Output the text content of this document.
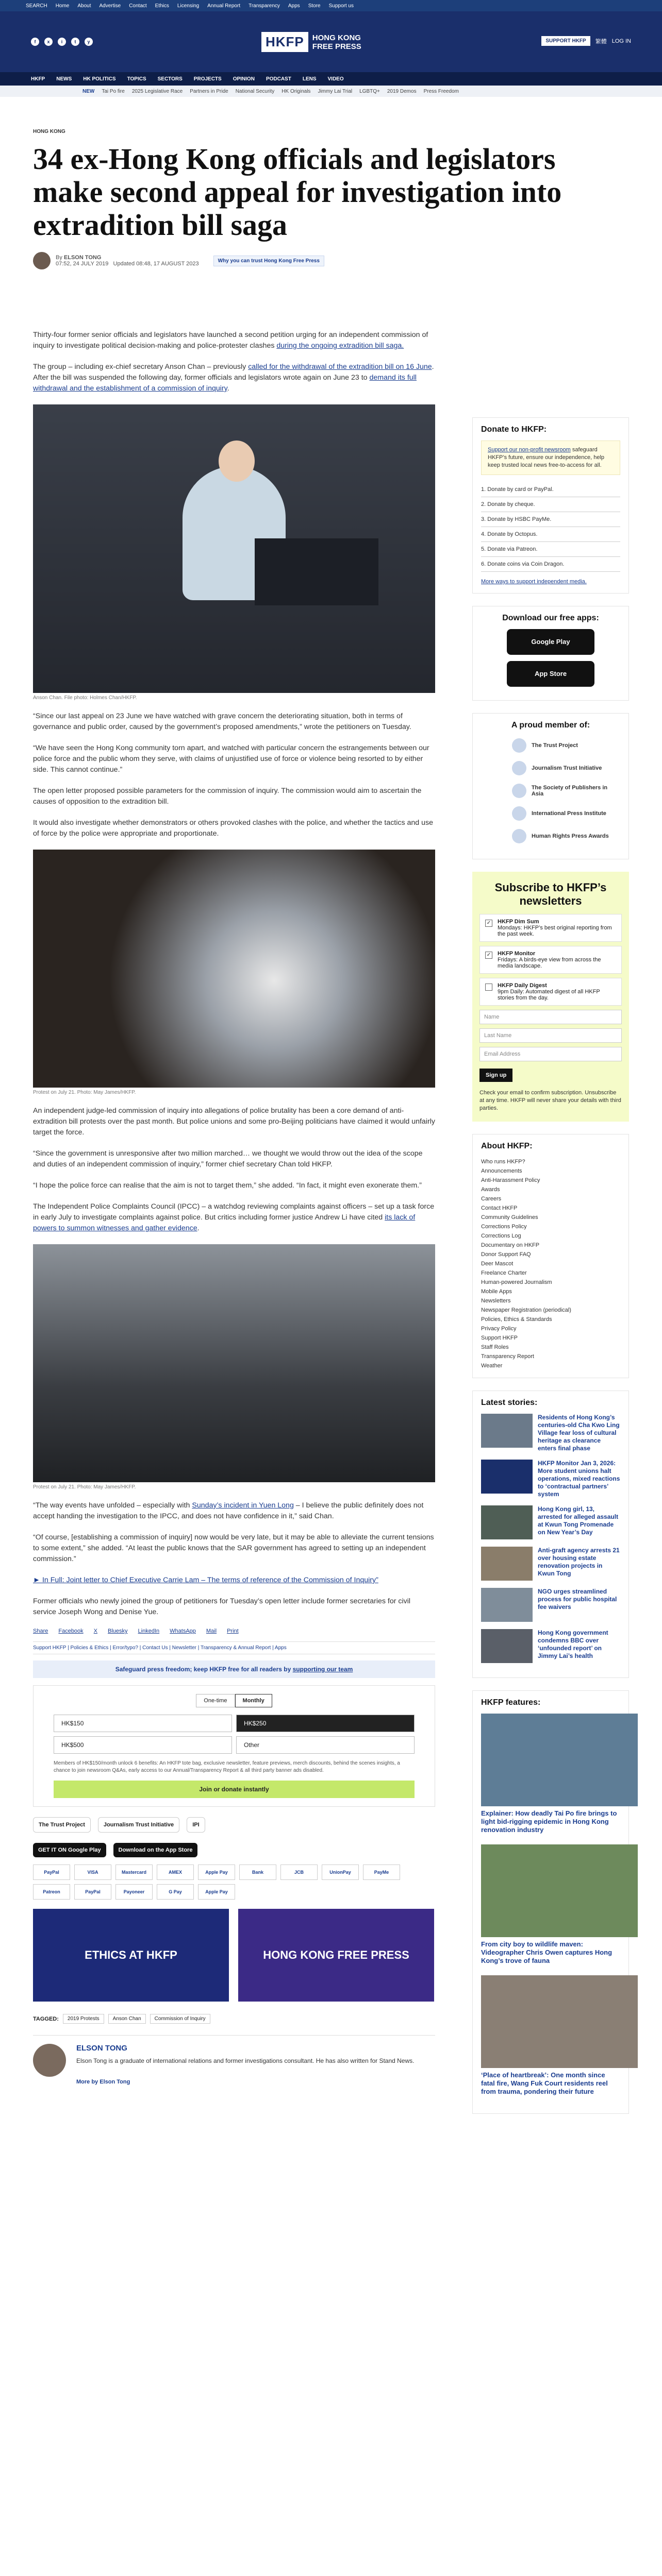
SEARCH Home About Advertise Contact Ethics Licensing Annual Report Transparency Apps Store Support us
f	x	i	t	y	HKFP	HONG KONG
FREE PRESS
SUPPORT HKFP	繁體 LOG IN
HKFP NEWS HK POLITICS TOPICS SECTORS PROJECTS OPINION PODCAST LENS VIDEO
NEW Tai Po fire 2025 Legislative Race Partners in Pride National Security HK Originals Jimmy Lai Trial LGBTQ+ 2019 Demos Press Freedom
HONG KONG
34 ex-Hong Kong officials and legislators make second appeal for investigation into extradition bill saga
By ELSON TONG
07:52, 24 JULY 2019 Updated 08:48, 17 AUGUST 2023	Why you can trust Hong Kong Free Press

Thirty-four former senior officials and legislators have launched a second petition urging for an independent commission of inquiry to investigate political decision-making and police-protester clashes during the ongoing extradition bill saga.

The group – including ex-chief secretary Anson Chan – previously called for the withdrawal of the extradition bill on 16 June. After the bill was suspended the following day, former officials and legislators wrote again on June 23 to demand its full withdrawal and the establishment of a commission of inquiry.

Anson Chan. File photo: Holmes Chan/HKFP.

“Since our last appeal on 23 June we have watched with grave concern the deteriorating situation, both in terms of governance and public order, caused by the government’s proposed amendments,” wrote the petitioners on Tuesday.

“We have seen the Hong Kong community torn apart, and watched with particular concern the estrangements between our police force and the public whom they serve, with claims of unjustified use of force or violence being resorted to by either side. This cannot continue.”

The open letter proposed possible parameters for the commission of inquiry. The commission would aim to ascertain the causes of opposition to the extradition bill.

It would also investigate whether demonstrators or others provoked clashes with the police, and whether the tactics and use of force by the police were appropriate and proportionate.

Protest on July 21. Photo: May James/HKFP.

An independent judge-led commission of inquiry into allegations of police brutality has been a core demand of anti-extradition bill protests over the past month. But police unions and some pro-Beijing politicians have claimed it would unfairly target the force.

“Since the government is unresponsive after two million marched… we thought we would throw out the idea of the scope and duties of an independent commission of inquiry,” former chief secretary Chan told HKFP.

“I hope the police force can realise that the aim is not to target them,” she added. “In fact, it might even exonerate them.”

The Independent Police Complaints Council (IPCC) – a watchdog reviewing complaints against officers – set up a task force in early July to investigate complaints against police. But critics including former justice Andrew Li have cited its lack of powers to summon witnesses and gather evidence.

Protest on July 21. Photo: May James/HKFP.

“The way events have unfolded – especially with Sunday’s incident in Yuen Long – I believe the public definitely does not accept handing the investigation to the IPCC, and does not have confidence in it,” said Chan.

“Of course, [establishing a commission of inquiry] now would be very late, but it may be able to alleviate the current tensions to some extent,” she added. “At least the public knows that the SAR government has agreed to setting up an independent commission.”

► In Full: Joint letter to Chief Executive Carrie Lam – The terms of reference of the Commission of Inquiry”

Former officials who newly joined the group of petitioners for Tuesday’s open letter include former secretaries for civil service Joseph Wong and Denise Yue.

Share Facebook X Bluesky LinkedIn WhatsApp Mail Print
Support HKFP | Policies & Ethics | Error/typo? | Contact Us | Newsletter | Transparency & Annual Report | Apps
Safeguard press freedom; keep HKFP free for all readers by supporting our team
One-time	Monthly
HK$150	HK$250
HK$500	Other
Members of HK$150/month unlock 6 benefits: An HKFP tote bag, exclusive newsletter, feature previews, merch discounts, behind the scenes insights, a chance to join newsroom Q&As, early access to our Annual/Transparency Report & all third party banner ads disabled.
Join or donate instantly
The Trust Project	Journalism Trust Initiative	IPI
GET IT ON Google Play	Download on the App Store
PayPal	VISA	Mastercard	AMEX	Apple Pay	Bank	JCB	UnionPay	PayMe
Patreon	PayPal	Payoneer	G Pay	Apple Pay
ETHICS AT HKFP	HONG KONG FREE PRESS
TAGGED:	2019 Protests	Anson Chan	Commission of Inquiry
ELSON TONG

Elson Tong is a graduate of international relations and former investigations consultant. He has also written for Stand News.

More by Elson Tong

Donate to HKFP:

Support our non-profit newsroom safeguard HKFP’s future, ensure our independence, help keep trusted local news free-to-access for all.

1. Donate by card or PayPal.
2. Donate by cheque.
3. Donate by HSBC PayMe.
4. Donate by Octopus.
5. Donate via Patreon.
6. Donate coins via Coin Dragon.

More ways to support independent media.

Download our free apps:
Google Play
App Store
A proud member of:
The Trust Project
Journalism Trust Initiative
The Society of Publishers in Asia
International Press Institute
Human Rights Press Awards
Subscribe to HKFP’s newsletters
✓ HKFP Dim Sum
Mondays: HKFP’s best original reporting from the past week.
✓ HKFP Monitor
Fridays: A birds-eye view from across the media landscape.
HKFP Daily Digest
9pm Daily: Automated digest of all HKFP stories from the day.
Name
Last Name
Email Address
Sign up

Check your email to confirm subscription. Unsubscribe at any time. HKFP will never share your details with third parties.

About HKFP:
Who runs HKFP?
Announcements
Anti-Harassment Policy
Awards
Careers
Contact HKFP
Community Guidelines
Corrections Policy
Corrections Log
Documentary on HKFP
Donor Support FAQ
Deer Mascot
Freelance Charter
Human-powered Journalism
Mobile Apps
Newsletters
Newspaper Registration (periodical)
Policies, Ethics & Standards
Privacy Policy
Support HKFP
Staff Roles
Transparency Report
Weather
Latest stories:
Residents of Hong Kong’s centuries-old Cha Kwo Ling Village fear loss of cultural heritage as clearance enters final phase
HKFP Monitor Jan 3, 2026: More student unions halt operations, mixed reactions to ‘contractual partners’ system
Hong Kong girl, 13, arrested for alleged assault at Kwun Tong Promenade on New Year’s Day
Anti-graft agency arrests 21 over housing estate renovation projects in Kwun Tong
NGO urges streamlined process for public hospital fee waivers
Hong Kong government condemns BBC over ‘unfounded report’ on Jimmy Lai’s health
HKFP features:
Explainer: How deadly Tai Po fire brings to light bid-rigging epidemic in Hong Kong renovation industry
From city boy to wildlife maven: Videographer Chris Owen captures Hong Kong’s trove of fauna
‘Place of heartbreak’: One month since fatal fire, Wang Fuk Court residents reel from trauma, pondering their future
